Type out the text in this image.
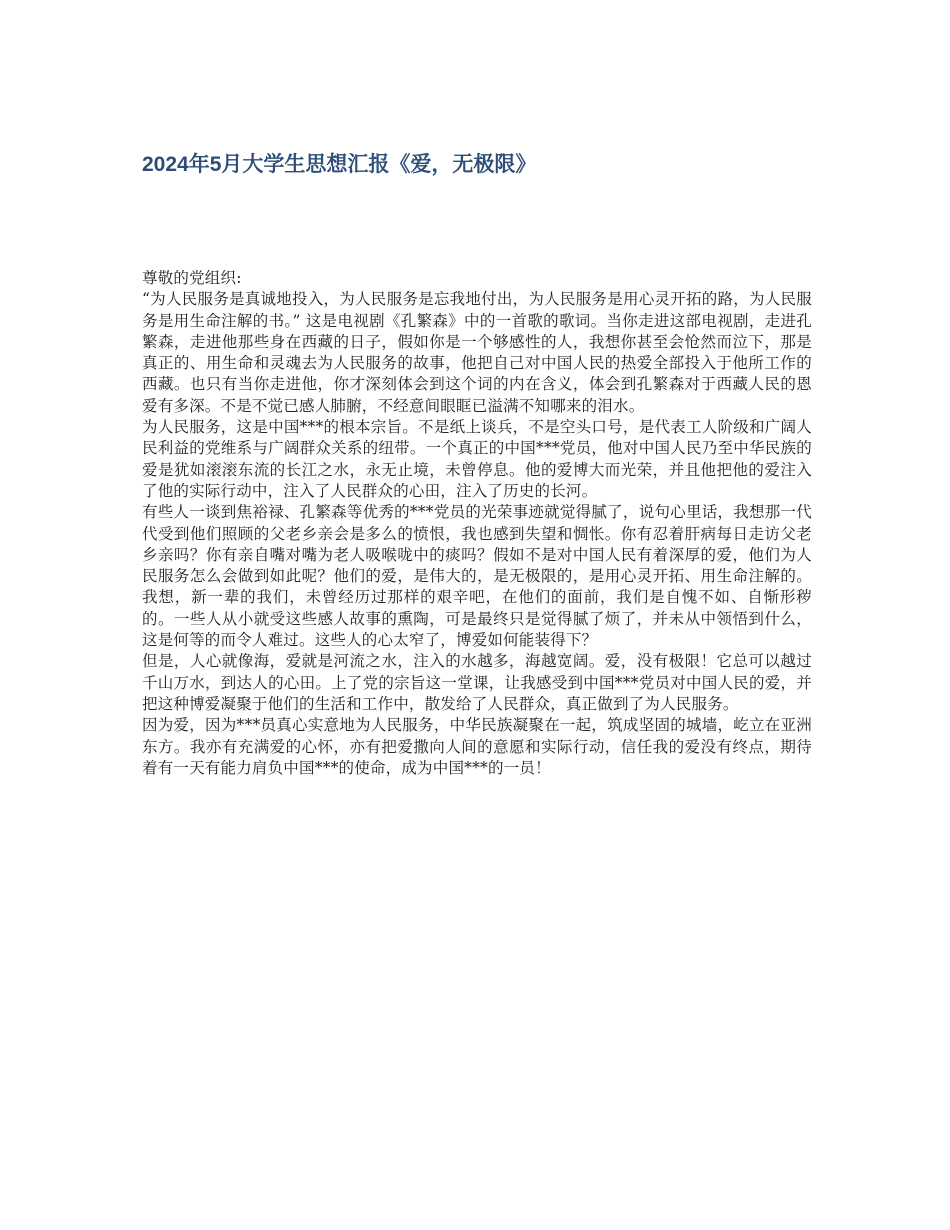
2024年5月大学生思想汇报《爱，无极限》

尊敬的党组织:

“为人民服务是真诚地投入，为人民服务是忘我地付出，为人民服务是用心灵开拓的路，为人民服务是用生命注解的书。” 这是电视剧《孔繁森》中的一首歌的歌词。当你走进这部电视剧，走进孔繁森，走进他那些身在西藏的日子，假如你是一个够感性的人，我想你甚至会怆然而泣下，那是真正的、用生命和灵魂去为人民服务的故事，他把自己对中国人民的热爱全部投入于他所工作的西藏。也只有当你走进他，你才深刻体会到这个词的内在含义，体会到孔繁森对于西藏人民的恩爱有多深。不是不觉已感人肺腑，不经意间眼眶已溢满不知哪来的泪水。

为人民服务，这是中国***的根本宗旨。不是纸上谈兵，不是空头口号，是代表工人阶级和广阔人民利益的党维系与广阔群众关系的纽带。一个真正的中国***党员，他对中国人民乃至中华民族的爱是犹如滚滚东流的长江之水，永无止境，未曾停息。他的爱博大而光荣，并且他把他的爱注入了他的实际行动中，注入了人民群众的心田，注入了历史的长河。

有些人一谈到焦裕禄、孔繁森等优秀的***党员的光荣事迹就觉得腻了，说句心里话，我想那一代代受到他们照顾的父老乡亲会是多么的愤恨，我也感到失望和惆怅。你有忍着肝病每日走访父老乡亲吗？你有亲自嘴对嘴为老人吸喉咙中的痰吗？假如不是对中国人民有着深厚的爱，他们为人民服务怎么会做到如此呢？他们的爱，是伟大的，是无极限的，是用心灵开拓、用生命注解的。我想，新一辈的我们，未曾经历过那样的艰辛吧，在他们的面前，我们是自愧不如、自惭形秽的。一些人从小就受这些感人故事的熏陶，可是最终只是觉得腻了烦了，并未从中领悟到什么，这是何等的而令人难过。这些人的心太窄了，博爱如何能装得下？

但是，人心就像海，爱就是河流之水，注入的水越多，海越宽阔。爱，没有极限！它总可以越过千山万水，到达人的心田。上了党的宗旨这一堂课，让我感受到中国***党员对中国人民的爱，并把这种博爱凝聚于他们的生活和工作中，散发给了人民群众，真正做到了为人民服务。

因为爱，因为***员真心实意地为人民服务，中华民族凝聚在一起，筑成坚固的城墙，屹立在亚洲东方。我亦有充满爱的心怀，亦有把爱撒向人间的意愿和实际行动，信任我的爱没有终点，期待着有一天有能力肩负中国***的使命，成为中国***的一员！
